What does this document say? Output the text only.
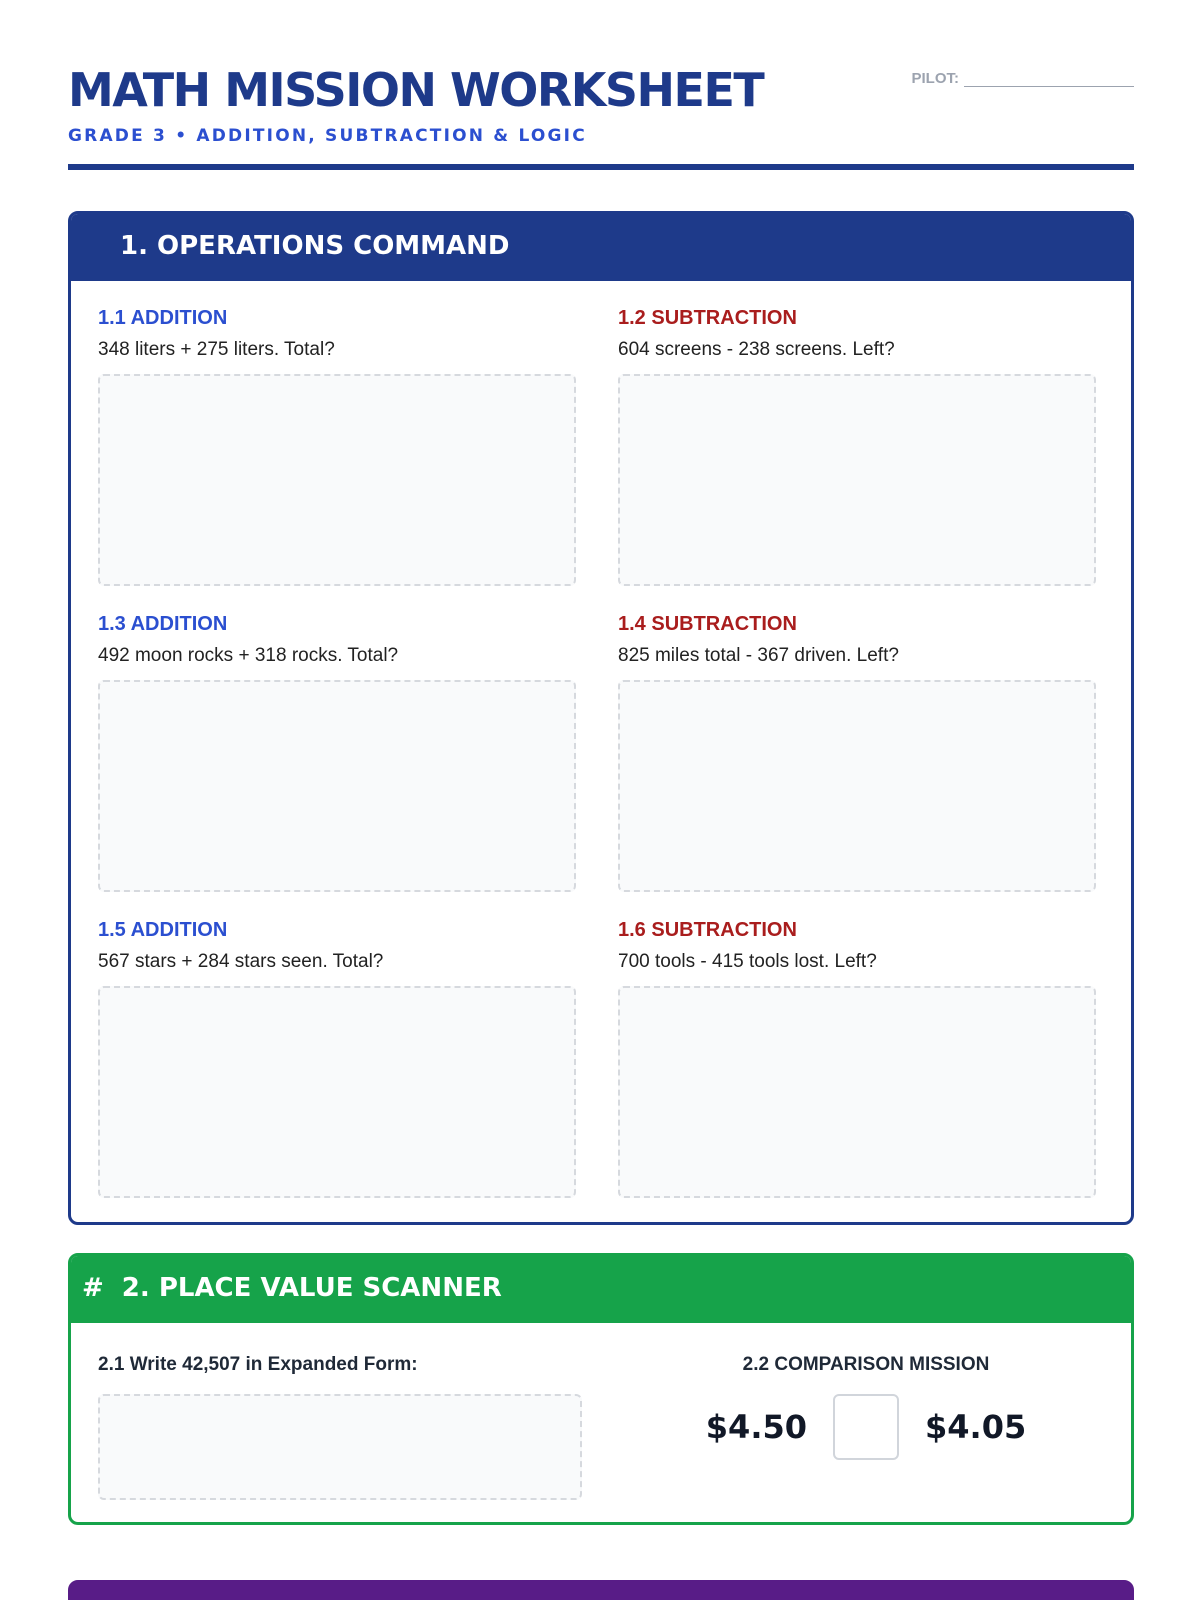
MATH MISSION WORKSHEET
GRADE 3 • ADDITION, SUBTRACTION & LOGIC
PILOT:
1. OPERATIONS COMMAND
1.1 ADDITION
348 liters + 275 liters. Total?
1.2 SUBTRACTION
604 screens - 238 screens. Left?
1.3 ADDITION
492 moon rocks + 318 rocks. Total?
1.4 SUBTRACTION
825 miles total - 367 driven. Left?
1.5 ADDITION
567 stars + 284 stars seen. Total?
1.6 SUBTRACTION
700 tools - 415 tools lost. Left?
# 2. PLACE VALUE SCANNER
2.1 Write 42,507 in Expanded Form:	2.2 COMPARISON MISSION
$4.50	$4.05
